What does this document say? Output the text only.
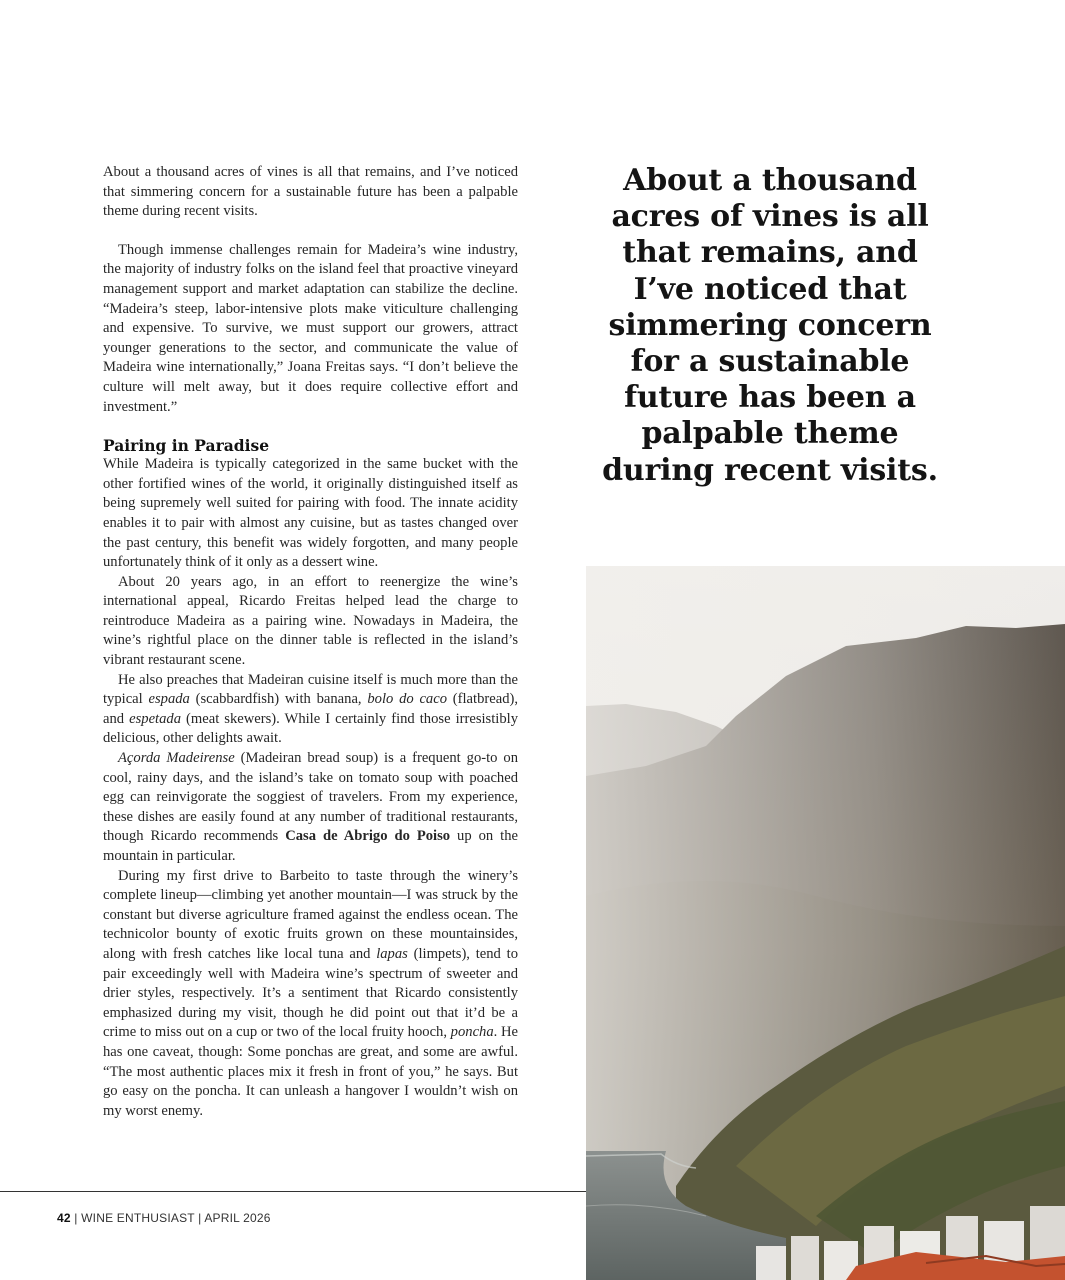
About a thousand acres of vines is all that remains, and I’ve noticed that simmering concern for a sustainable future has been a palpable theme during recent visits.

Though immense challenges remain for Madeira’s wine industry, the majority of industry folks on the island feel that proactive vineyard management support and market adaptation can stabilize the decline. “Madeira’s steep, labor-intensive plots make viticulture challenging and expensive. To survive, we must support our growers, attract younger generations to the sector, and communicate the value of Madeira wine internationally,” Joana Freitas says. “I don’t believe the culture will melt away, but it does require collective effort and investment.”

Pairing in Paradise

While Madeira is typically categorized in the same bucket with the other fortified wines of the world, it originally distinguished itself as being supremely well suited for pairing with food. The innate acidity enables it to pair with almost any cuisine, but as tastes changed over the past century, this benefit was widely forgotten, and many people unfortunately think of it only as a dessert wine.

About 20 years ago, in an effort to reenergize the wine’s international appeal, Ricardo Freitas helped lead the charge to reintroduce Madeira as a pairing wine. Nowadays in Madeira, the wine’s rightful place on the dinner table is reflected in the island’s vibrant restaurant scene.

He also preaches that Madeiran cuisine itself is much more than the typical espada (scabbardfish) with banana, bolo do caco (flatbread), and espetada (meat skewers). While I certainly find those irresistibly delicious, other delights await.

Açorda Madeirense (Madeiran bread soup) is a frequent go-to on cool, rainy days, and the island’s take on tomato soup with poached egg can reinvigorate the soggiest of travelers. From my experience, these dishes are easily found at any number of traditional restaurants, though Ricardo recommends Casa de Abrigo do Poiso up on the mountain in particular.

During my first drive to Barbeito to taste through the winery’s complete lineup—climbing yet another mountain—I was struck by the constant but diverse agriculture framed against the endless ocean. The technicolor bounty of exotic fruits grown on these mountainsides, along with fresh catches like local tuna and lapas (limpets), tend to pair exceedingly well with Madeira wine’s spectrum of sweeter and drier styles, respectively. It’s a sentiment that Ricardo consistently emphasized during my visit, though he did point out that it’d be a crime to miss out on a cup or two of the local fruity hooch, poncha. He has one caveat, though: Some ponchas are great, and some are awful. “The most authentic places mix it fresh in front of you,” he says. But go easy on the poncha. It can unleash a hangover I wouldn’t wish on my worst enemy.

About a thousand acres of vines is all that remains, and I’ve noticed that simmering concern for a sustainable future has been a palpable theme during recent visits.
42 | WINE ENTHUSIAST | APRIL 2026
